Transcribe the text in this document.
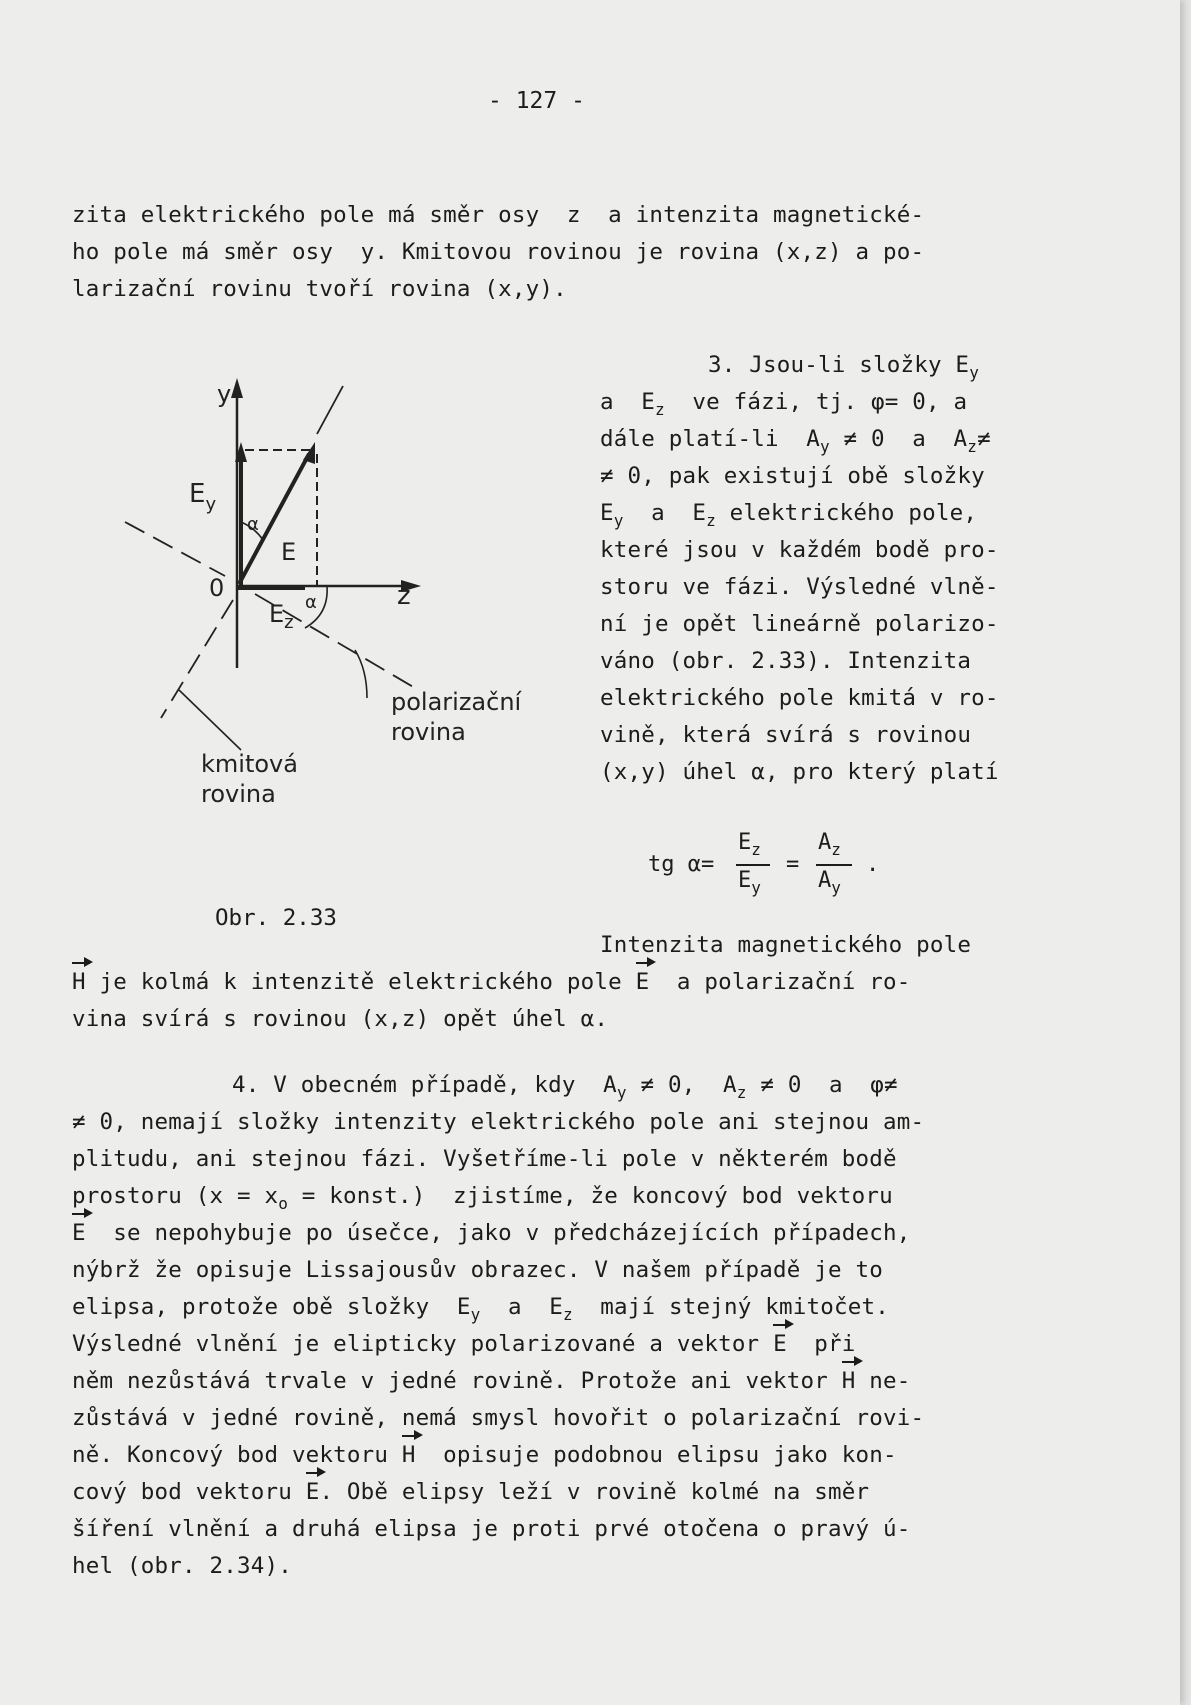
- 127 -
zita elektrického pole má směr osy  z  a intenzita magnetické-
ho pole má směr osy  y. Kmitovou rovinou je rovina (x,z) a po-
larizační rovinu tvoří rovina (x,y).
3. Jsou-li složky $E_y$
a  $E_z$  ve fázi, tj. φ= 0, a
dále platí-li  $A_y \ne 0$  a  $A_z\ne$
≠ 0, pak existují obě složky
$E_y$  a  $E_z$ elektrického pole,
které jsou v každém bodě pro-
storu ve fázi. Výsledné vlně-
ní je opět lineárně polarizo-
váno (obr. 2.33). Intenzita
elektrického pole kmitá v ro-
vině, která svírá s rovinou
(x,y) úhel α, pro který platí
tg α=
$E_z$
$E_y$
=
$A_z$
$A_y$
.
y
z
$E_y$
E
$E_z$
0
α
α
polarizační
rovina
kmitová
rovina
Obr. 2.33
Intenzita magnetického pole
H je kolmá k intenzitě elektrického pole E  a polarizační ro-
vina svírá s rovinou (x,z) opět úhel α.
4. V obecném případě, kdy  $A_y \ne 0$,  $A_z \ne 0$  a  φ≠
≠ 0, nemají složky intenzity elektrického pole ani stejnou am-
plitudu, ani stejnou fázi. Vyšetříme-li pole v některém bodě
prostoru ($x = x_o$ = konst.)  zjistíme, že koncový bod vektoru
E  se nepohybuje po úsečce, jako v předcházejících případech,
nýbrž že opisuje Lissajousův obrazec. V našem případě je to
elipsa, protože obě složky  $E_y$  a  $E_z$  mají stejný kmitočet.
Výsledné vlnění je elipticky polarizované a vektor E  při
něm nezůstává trvale v jedné rovině. Protože ani vektor H ne-
zůstává v jedné rovině, nemá smysl hovořit o polarizační rovi-
ně. Koncový bod vektoru H  opisuje podobnou elipsu jako kon-
cový bod vektoru E. Obě elipsy leží v rovině kolmé na směr
šíření vlnění a druhá elipsa je proti prvé otočena o pravý ú-
hel (obr. 2.34).
